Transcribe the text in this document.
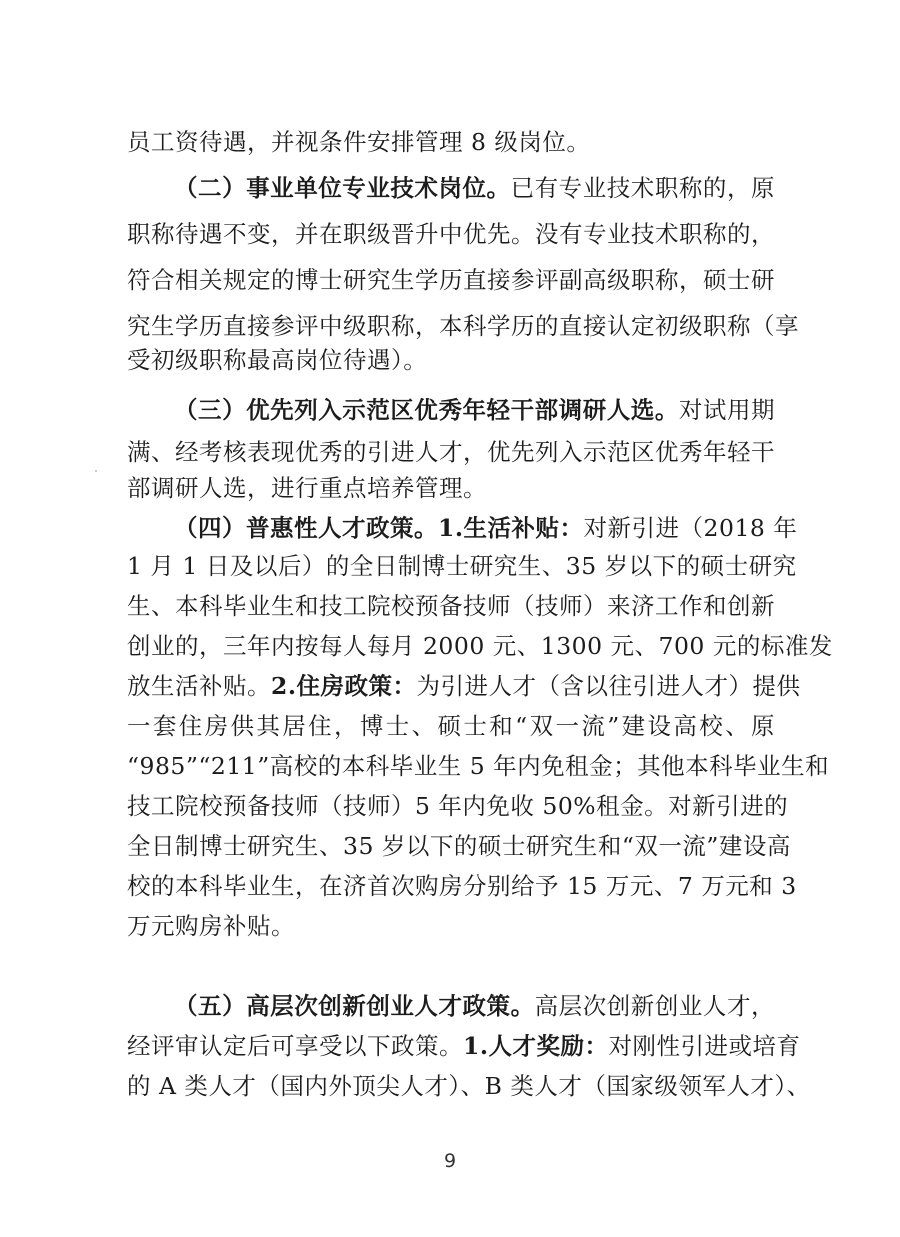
员工资待遇，并视条件安排管理 8 级岗位。
（二）事业单位专业技术岗位。已有专业技术职称的，原
职称待遇不变，并在职级晋升中优先。没有专业技术职称的，
符合相关规定的博士研究生学历直接参评副高级职称，硕士研
究生学历直接参评中级职称，本科学历的直接认定初级职称（享
受初级职称最高岗位待遇）。
（三）优先列入示范区优秀年轻干部调研人选。对试用期
满、经考核表现优秀的引进人才，优先列入示范区优秀年轻干
部调研人选，进行重点培养管理。
（四）普惠性人才政策。1.生活补贴：对新引进（2018 年
1 月 1 日及以后）的全日制博士研究生、35 岁以下的硕士研究
生、本科毕业生和技工院校预备技师（技师）来济工作和创新
创业的，三年内按每人每月 2000 元、1300 元、700 元的标准发
放生活补贴。2.住房政策：为引进人才（含以往引进人才）提供
一套住房供其居住，博士、硕士和“双一流”建设高校、原
“985”“211”高校的本科毕业生 5 年内免租金；其他本科毕业生和
技工院校预备技师（技师）5 年内免收 50%租金。对新引进的
全日制博士研究生、35 岁以下的硕士研究生和“双一流”建设高
校的本科毕业生，在济首次购房分别给予 15 万元、7 万元和 3
万元购房补贴。
（五）高层次创新创业人才政策。高层次创新创业人才，
经评审认定后可享受以下政策。1.人才奖励：对刚性引进或培育
的 A 类人才（国内外顶尖人才）、B 类人才（国家级领军人才）、
9
